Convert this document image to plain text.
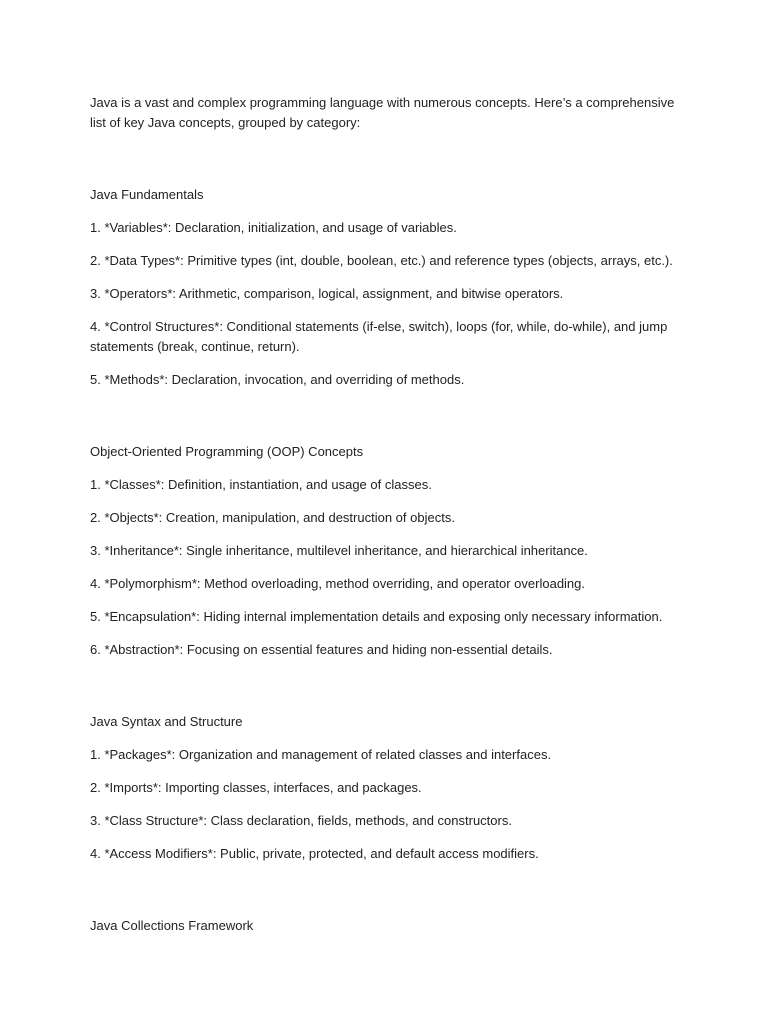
Java is a vast and complex programming language with numerous concepts. Here’s a comprehensive list of key Java concepts, grouped by category:

Java Fundamentals

1. *Variables*: Declaration, initialization, and usage of variables.

2. *Data Types*: Primitive types (int, double, boolean, etc.) and reference types (objects, arrays, etc.).

3. *Operators*: Arithmetic, comparison, logical, assignment, and bitwise operators.

4. *Control Structures*: Conditional statements (if-else, switch), loops (for, while, do-while), and jump statements (break, continue, return).

5. *Methods*: Declaration, invocation, and overriding of methods.

Object-Oriented Programming (OOP) Concepts

1. *Classes*: Definition, instantiation, and usage of classes.

2. *Objects*: Creation, manipulation, and destruction of objects.

3. *Inheritance*: Single inheritance, multilevel inheritance, and hierarchical inheritance.

4. *Polymorphism*: Method overloading, method overriding, and operator overloading.

5. *Encapsulation*: Hiding internal implementation details and exposing only necessary information.

6. *Abstraction*: Focusing on essential features and hiding non-essential details.

Java Syntax and Structure

1. *Packages*: Organization and management of related classes and interfaces.

2. *Imports*: Importing classes, interfaces, and packages.

3. *Class Structure*: Class declaration, fields, methods, and constructors.

4. *Access Modifiers*: Public, private, protected, and default access modifiers.

Java Collections Framework
